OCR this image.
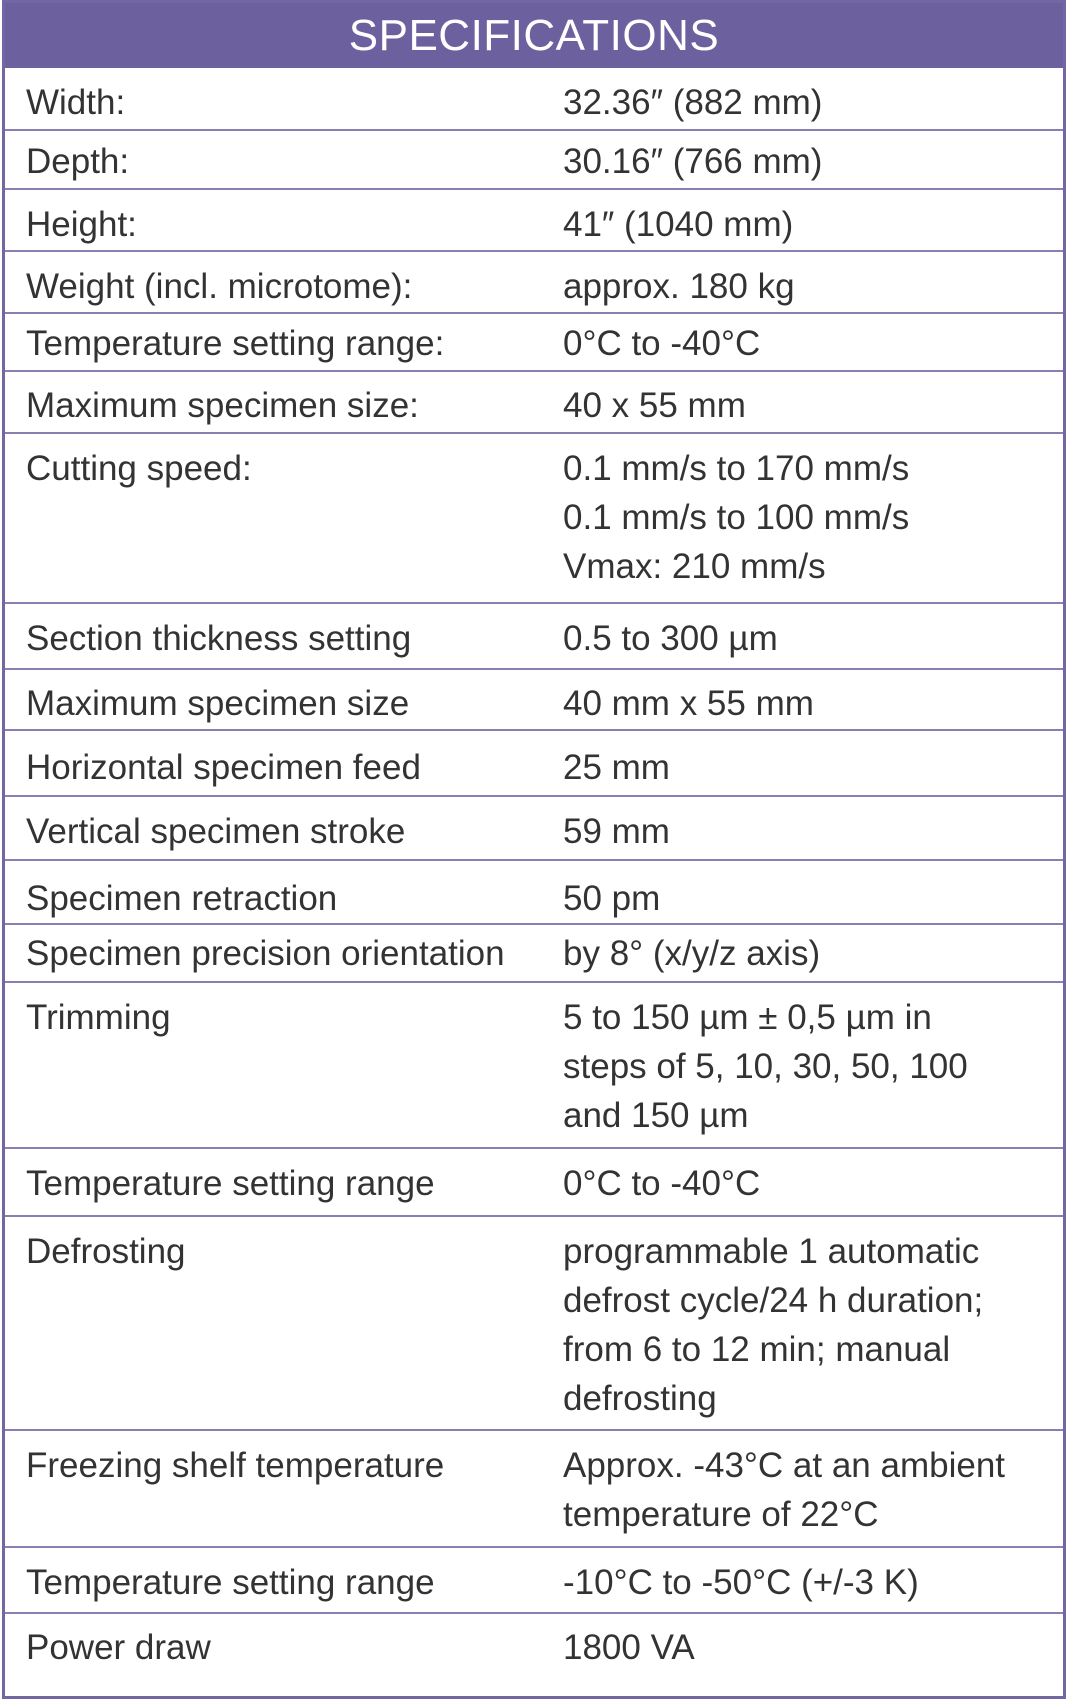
SPECIFICATIONS
Width:	32.36″ (882 mm)
Depth:	30.16″ (766 mm)
Height:	41″ (1040 mm)
Weight (incl. microtome):	approx. 180 kg
Temperature setting range:	0°C to -40°C
Maximum specimen size:	40 x 55 mm
Cutting speed:	0.1 mm/s to 170 mm/s
0.1 mm/s to 100 mm/s
Vmax: 210 mm/s
Section thickness setting	0.5 to 300 µm
Maximum specimen size	40 mm x 55 mm
Horizontal specimen feed	25 mm
Vertical specimen stroke	59 mm
Specimen retraction	50 pm
Specimen precision orientation	by 8° (x/y/z axis)
Trimming	5 to 150 µm ± 0,5 µm in
steps of 5, 10, 30, 50, 100
and 150 µm
Temperature setting range	0°C to -40°C
Defrosting	programmable 1 automatic
defrost cycle/24 h duration;
from 6 to 12 min; manual
defrosting
Freezing shelf temperature	Approx. -43°C at an ambient
temperature of 22°C
Temperature setting range	-10°C to -50°C (+/-3 K)
Power draw	1800 VA
